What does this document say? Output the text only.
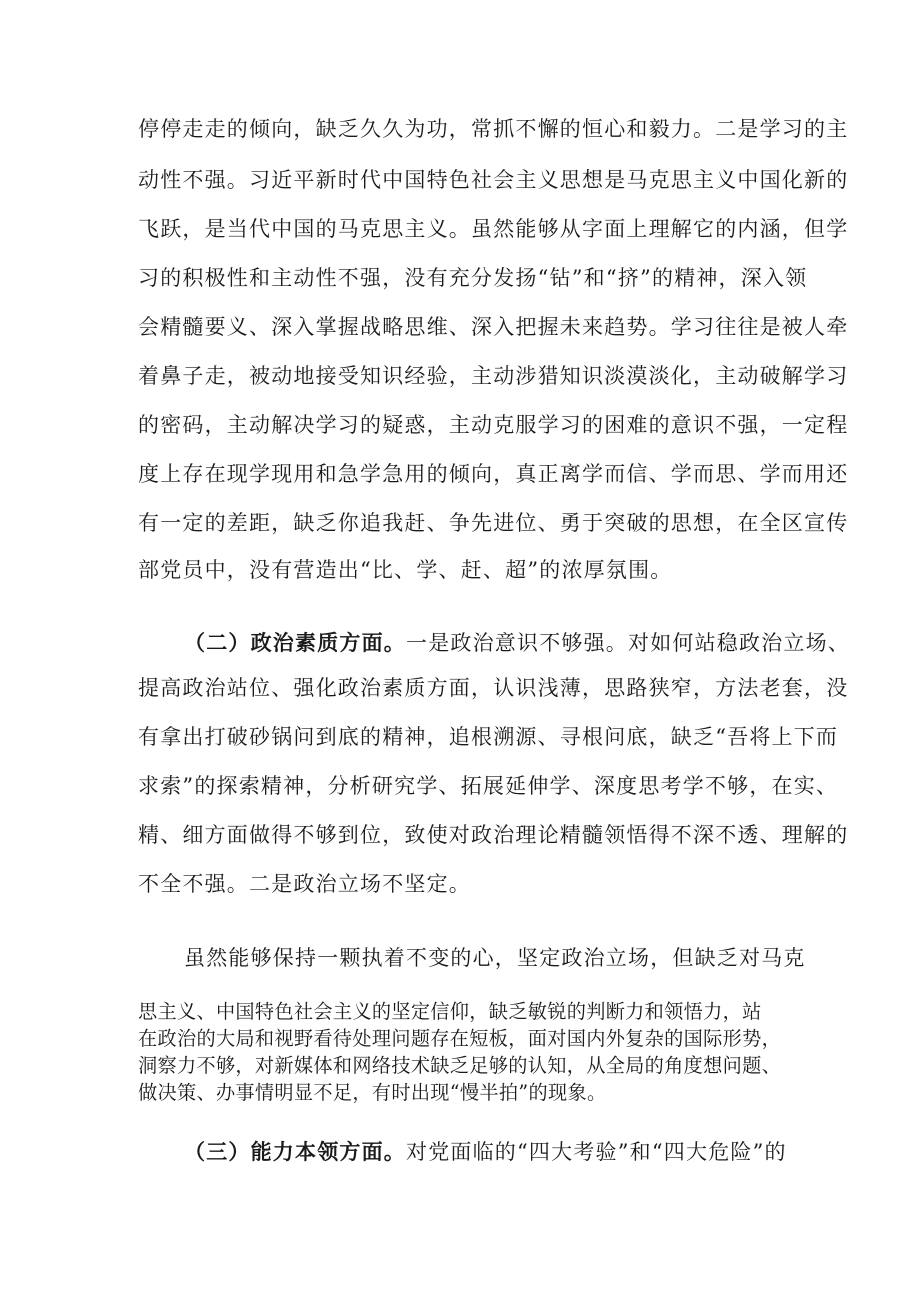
停停走走的倾向，缺乏久久为功，常抓不懈的恒心和毅力。二是学习的主
动性不强。习近平新时代中国特色社会主义思想是马克思主义中国化新的
飞跃，是当代中国的马克思主义。虽然能够从字面上理解它的内涵，但学
习的积极性和主动性不强，没有充分发扬“钻”和“挤”的精神，深入领
会精髓要义、深入掌握战略思维、深入把握未来趋势。学习往往是被人牵
着鼻子走，被动地接受知识经验，主动涉猎知识淡漠淡化，主动破解学习
的密码，主动解决学习的疑惑，主动克服学习的困难的意识不强，一定程
度上存在现学现用和急学急用的倾向，真正离学而信、学而思、学而用还
有一定的差距，缺乏你追我赶、争先进位、勇于突破的思想，在全区宣传
部党员中，没有营造出“比、学、赶、超”的浓厚氛围。
（二）政治素质方面。一是政治意识不够强。对如何站稳政治立场、
提高政治站位、强化政治素质方面，认识浅薄，思路狭窄，方法老套，没
有拿出打破砂锅问到底的精神，追根溯源、寻根问底，缺乏“吾将上下而
求索”的探索精神，分析研究学、拓展延伸学、深度思考学不够，在实、
精、细方面做得不够到位，致使对政治理论精髓领悟得不深不透、理解的
不全不强。二是政治立场不坚定。
虽然能够保持一颗执着不变的心，坚定政治立场，但缺乏对马克
思主义、中国特色社会主义的坚定信仰，缺乏敏锐的判断力和领悟力，站
在政治的大局和视野看待处理问题存在短板，面对国内外复杂的国际形势，
洞察力不够，对新媒体和网络技术缺乏足够的认知，从全局的角度想问题、
做决策、办事情明显不足，有时出现“慢半拍”的现象。
（三）能力本领方面。对党面临的“四大考验”和“四大危险”的
